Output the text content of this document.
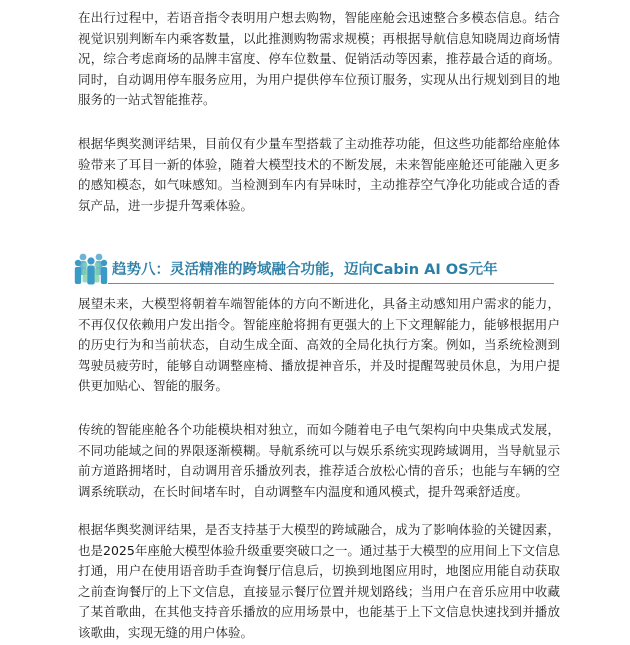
在出行过程中，若语音指令表明用户想去购物，智能座舱会迅速整合多模态信息。结合视觉识别判断车内乘客数量，以此推测购物需求规模；再根据导航信息知晓周边商场情况，综合考虑商场的品牌丰富度、停车位数量、促销活动等因素，推荐最合适的商场。同时，自动调用停车服务应用，为用户提供停车位预订服务，实现从出行规划到目的地服务的一站式智能推荐。

根据华舆奖测评结果，目前仅有少量车型搭载了主动推荐功能，但这些功能都给座舱体验带来了耳目一新的体验，随着大模型技术的不断发展，未来智能座舱还可能融入更多的感知模态，如气味感知。当检测到车内有异味时，主动推荐空气净化功能或合适的香氛产品，进一步提升驾乘体验。

趋势八：灵活精准的跨域融合功能，迈向Cabin AI OS元年

展望未来，大模型将朝着车端智能体的方向不断进化，具备主动感知用户需求的能力，不再仅仅依赖用户发出指令。智能座舱将拥有更强大的上下文理解能力，能够根据用户的历史行为和当前状态，自动生成全面、高效的全局化执行方案。例如，当系统检测到驾驶员疲劳时，能够自动调整座椅、播放提神音乐，并及时提醒驾驶员休息，为用户提供更加贴心、智能的服务。

传统的智能座舱各个功能模块相对独立，而如今随着电子电气架构向中央集成式发展，不同功能域之间的界限逐渐模糊。导航系统可以与娱乐系统实现跨域调用，当导航显示前方道路拥堵时，自动调用音乐播放列表，推荐适合放松心情的音乐；也能与车辆的空调系统联动，在长时间堵车时，自动调整车内温度和通风模式，提升驾乘舒适度。

根据华舆奖测评结果，是否支持基于大模型的跨域融合，成为了影响体验的关键因素，也是2025年座舱大模型体验升级重要突破口之一。通过基于大模型的应用间上下文信息打通，用户在使用语音助手查询餐厅信息后，切换到地图应用时，地图应用能自动获取之前查询餐厅的上下文信息，直接显示餐厅位置并规划路线；当用户在音乐应用中收藏了某首歌曲，在其他支持音乐播放的应用场景中，也能基于上下文信息快速找到并播放该歌曲，实现无缝的用户体验。
